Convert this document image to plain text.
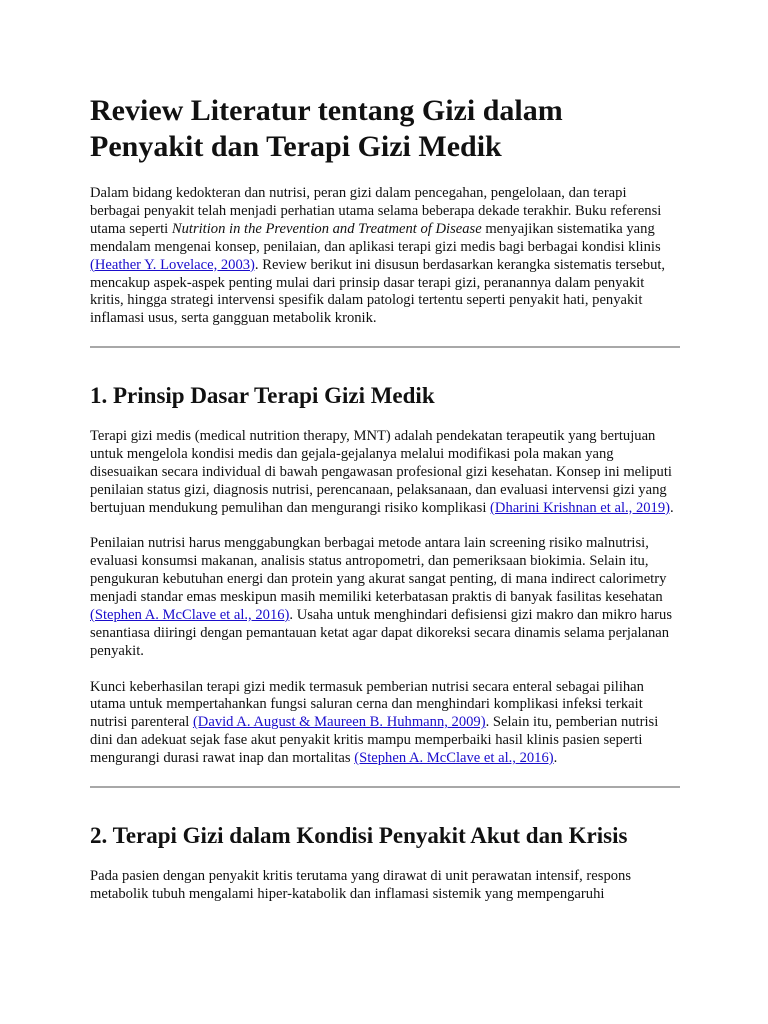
Review Literatur tentang Gizi dalam Penyakit dan Terapi Gizi Medik

Dalam bidang kedokteran dan nutrisi, peran gizi dalam pencegahan, pengelolaan, dan terapi berbagai penyakit telah menjadi perhatian utama selama beberapa dekade terakhir. Buku referensi utama seperti Nutrition in the Prevention and Treatment of Disease menyajikan sistematika yang mendalam mengenai konsep, penilaian, dan aplikasi terapi gizi medis bagi berbagai kondisi klinis (Heather Y. Lovelace, 2003). Review berikut ini disusun berdasarkan kerangka sistematis tersebut, mencakup aspek-aspek penting mulai dari prinsip dasar terapi gizi, peranannya dalam penyakit kritis, hingga strategi intervensi spesifik dalam patologi tertentu seperti penyakit hati, penyakit inflamasi usus, serta gangguan metabolik kronik.

1. Prinsip Dasar Terapi Gizi Medik

Terapi gizi medis (medical nutrition therapy, MNT) adalah pendekatan terapeutik yang bertujuan untuk mengelola kondisi medis dan gejala-gejalanya melalui modifikasi pola makan yang disesuaikan secara individual di bawah pengawasan profesional gizi kesehatan. Konsep ini meliputi penilaian status gizi, diagnosis nutrisi, perencanaan, pelaksanaan, dan evaluasi intervensi gizi yang bertujuan mendukung pemulihan dan mengurangi risiko komplikasi (Dharini Krishnan et al., 2019).

Penilaian nutrisi harus menggabungkan berbagai metode antara lain screening risiko malnutrisi, evaluasi konsumsi makanan, analisis status antropometri, dan pemeriksaan biokimia. Selain itu, pengukuran kebutuhan energi dan protein yang akurat sangat penting, di mana indirect calorimetry menjadi standar emas meskipun masih memiliki keterbatasan praktis di banyak fasilitas kesehatan (Stephen A. McClave et al., 2016). Usaha untuk menghindari defisiensi gizi makro dan mikro harus senantiasa diiringi dengan pemantauan ketat agar dapat dikoreksi secara dinamis selama perjalanan penyakit.

Kunci keberhasilan terapi gizi medik termasuk pemberian nutrisi secara enteral sebagai pilihan utama untuk mempertahankan fungsi saluran cerna dan menghindari komplikasi infeksi terkait nutrisi parenteral (David A. August & Maureen B. Huhmann, 2009). Selain itu, pemberian nutrisi dini dan adekuat sejak fase akut penyakit kritis mampu memperbaiki hasil klinis pasien seperti mengurangi durasi rawat inap dan mortalitas (Stephen A. McClave et al., 2016).

2. Terapi Gizi dalam Kondisi Penyakit Akut dan Krisis

Pada pasien dengan penyakit kritis terutama yang dirawat di unit perawatan intensif, respons metabolik tubuh mengalami hiper-katabolik dan inflamasi sistemik yang mempengaruhi
